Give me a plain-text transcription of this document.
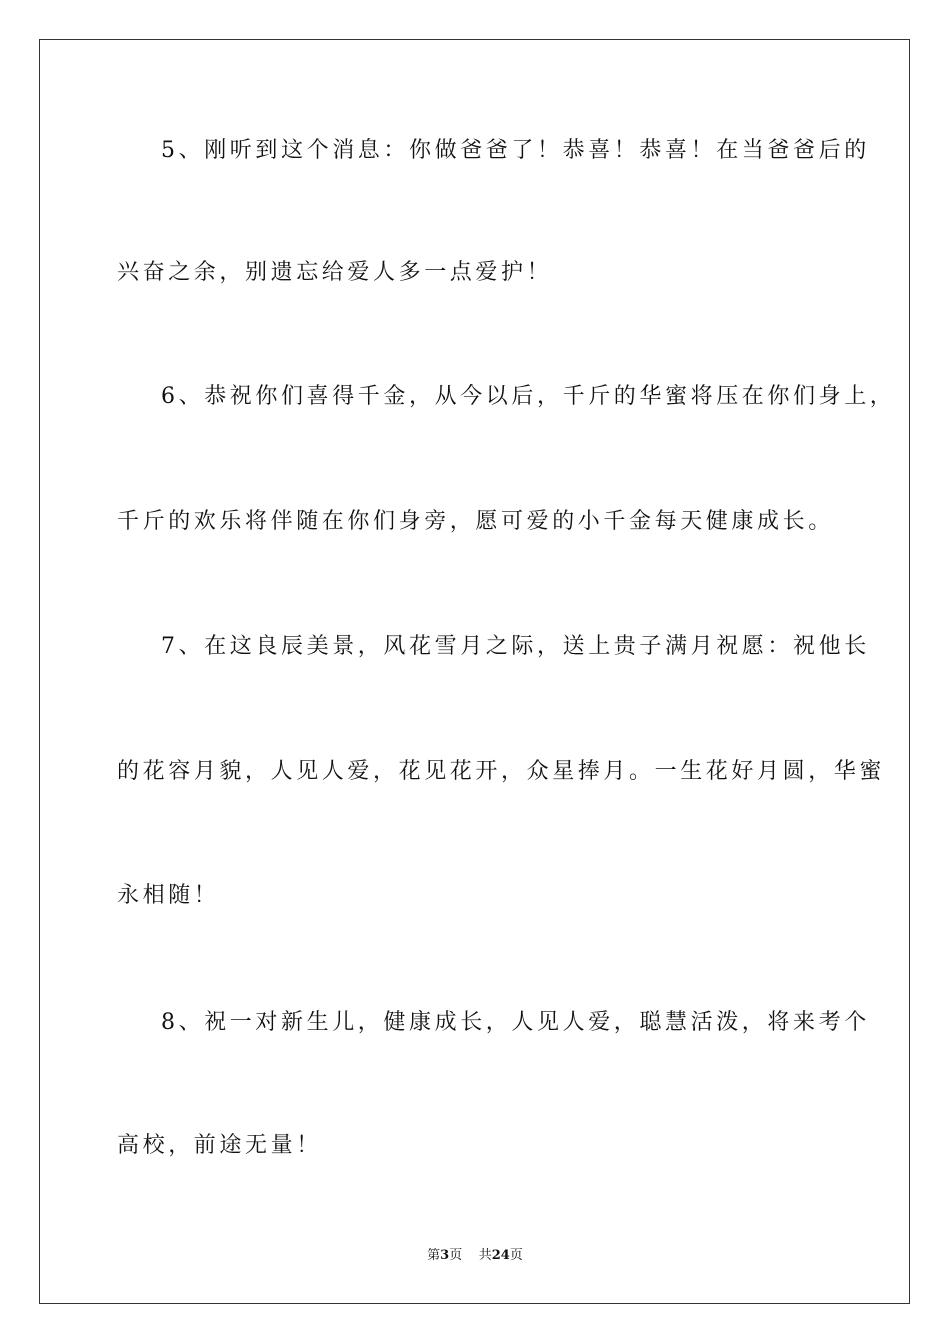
5、刚听到这个消息：你做爸爸了！恭喜！恭喜！在当爸爸后的
兴奋之余，别遗忘给爱人多一点爱护！
6、恭祝你们喜得千金，从今以后，千斤的华蜜将压在你们身上，
千斤的欢乐将伴随在你们身旁，愿可爱的小千金每天健康成长。
7、在这良辰美景，风花雪月之际，送上贵子满月祝愿：祝他长
的花容月貌，人见人爱，花见花开，众星捧月。一生花好月圆，华蜜
永相随！
8、祝一对新生儿，健康成长，人见人爱，聪慧活泼，将来考个
高校，前途无量！
第3页 共24页
